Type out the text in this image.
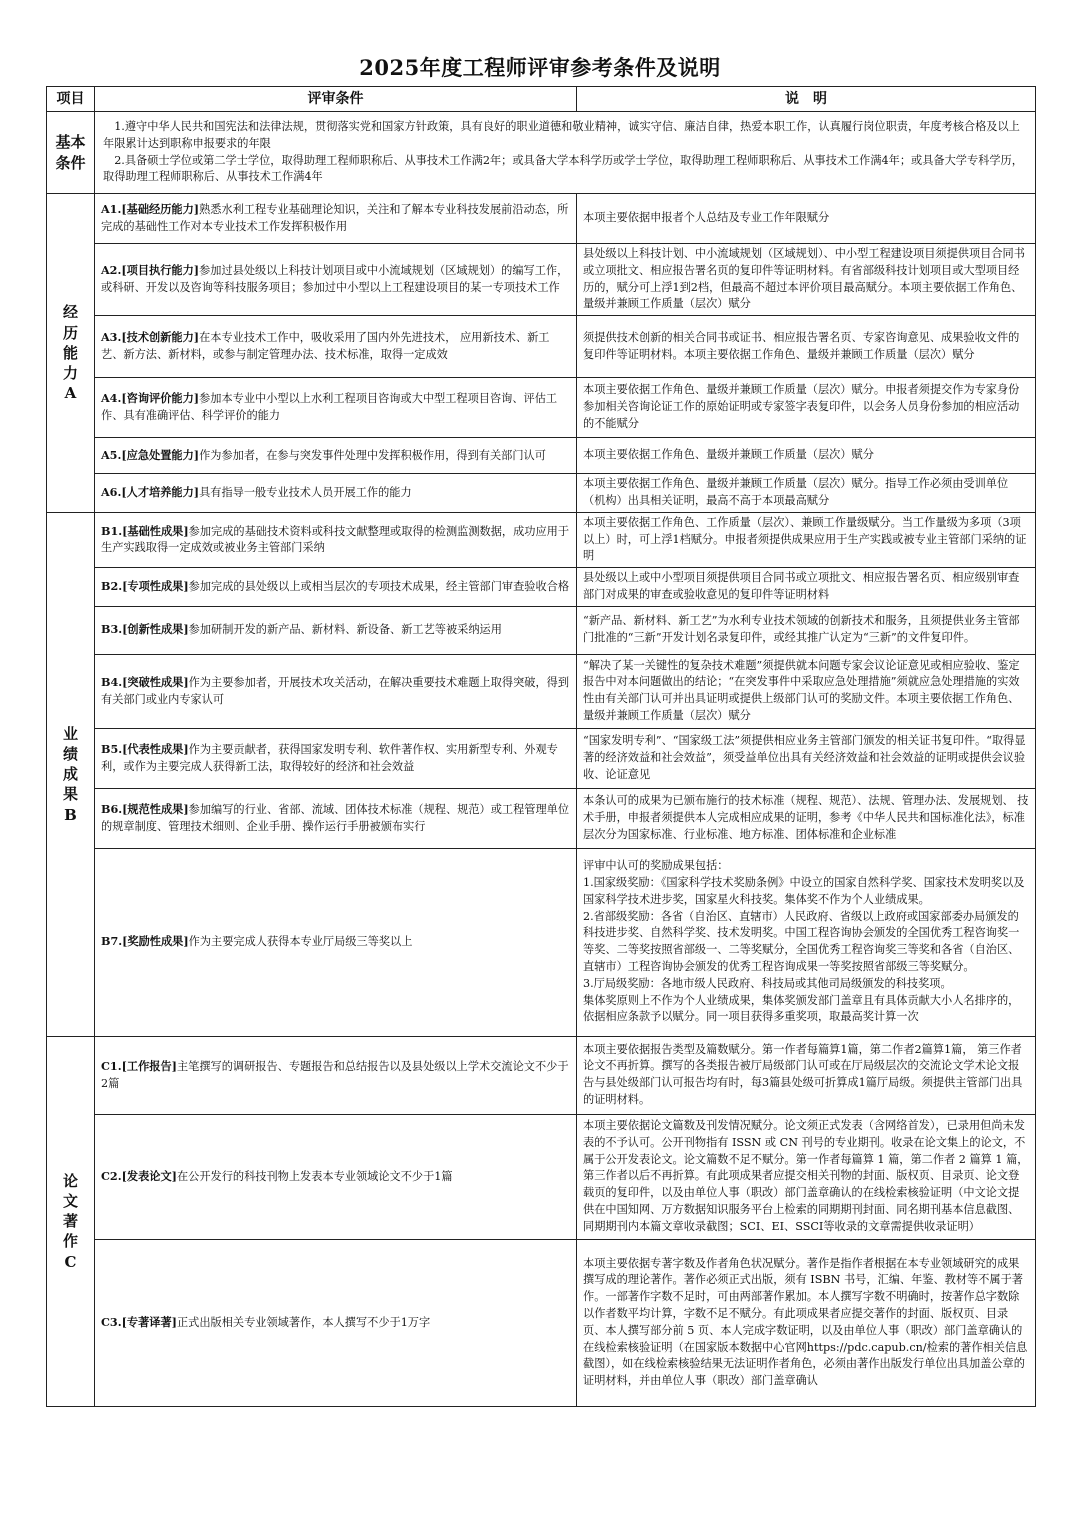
2025年度工程师评审参考条件及说明
项目	评审条件	说　明

基本条件	1.遵守中华人民共和国宪法和法律法规，贯彻落实党和国家方针政策，具有良好的职业道德和敬业精神，诚实守信、廉洁自律，热爱本职工作，认真履行岗位职责，年度考核合格及以上年限累计达到职称申报要求的年限

2.具备硕士学位或第二学士学位，取得助理工程师职称后、从事技术工作满2年；或具备大学本科学历或学士学位，取得助理工程师职称后、从事技术工作满4年；或具备大学专科学历，取得助理工程师职称后、从事技术工作满4年	

经
历
能
力
A	A1.[基础经历能力]熟悉水利工程专业基础理论知识，关注和了解本专业科技发展前沿动态，所完成的基础性工作对本专业技术工作发挥积极作用	本项主要依据申报者个人总结及专业工作年限赋分
	A2.[项目执行能力]参加过县处级以上科技计划项目或中小流域规划（区域规划）的编写工作，或科研、开发以及咨询等科技服务项目；参加过中小型以上工程建设项目的某一专项技术工作	县处级以上科技计划、中小流域规划（区域规划）、中小型工程建设项目须提供项目合同书或立项批文、相应报告署名页的复印件等证明材料。有省部级科技计划项目或大型项目经历的，赋分可上浮1到2档，但最高不超过本评价项目最高赋分。本项主要依据工作角色、量级并兼顾工作质量（层次）赋分
	A3.[技术创新能力]在本专业技术工作中，吸收采用了国内外先进技术， 应用新技术、新工艺、新方法、新材料，或参与制定管理办法、技术标准，取得一定成效	须提供技术创新的相关合同书或证书、相应报告署名页、专家咨询意见、成果验收文件的复印件等证明材料。本项主要依据工作角色、量级并兼顾工作质量（层次）赋分
	A4.[咨询评价能力]参加本专业中小型以上水利工程项目咨询或大中型工程项目咨询、评估工作、具有准确评估、科学评价的能力	本项主要依据工作角色、量级并兼顾工作质量（层次）赋分。申报者须提交作为专家身份参加相关咨询论证工作的原始证明或专家签字表复印件，以会务人员身份参加的相应活动的不能赋分
	A5.[应急处置能力]作为参加者，在参与突发事件处理中发挥积极作用，得到有关部门认可	本项主要依据工作角色、量级并兼顾工作质量（层次）赋分
	A6.[人才培养能力]具有指导一般专业技术人员开展工作的能力	本项主要依据工作角色、量级并兼顾工作质量（层次）赋分。指导工作必须由受训单位（机构）出具相关证明，最高不高于本项最高赋分

业
绩
成
果
B	B1.[基础性成果]参加完成的基础技术资料或科技文献整理或取得的检测监测数据，成功应用于生产实践取得一定成效或被业务主管部门采纳	本项主要依据工作角色、工作质量（层次）、兼顾工作量级赋分。当工作量级为多项（3项以上）时，可上浮1档赋分。申报者须提供成果应用于生产实践或被专业主管部门采纳的证明
	B2.[专项性成果]参加完成的县处级以上或相当层次的专项技术成果，经主管部门审查验收合格	县处级以上或中小型项目须提供项目合同书或立项批文、相应报告署名页、相应级别审查部门对成果的审查或验收意见的复印件等证明材料
	B3.[创新性成果]参加研制开发的新产品、新材料、新设备、新工艺等被采纳运用	“新产品、新材料、新工艺”为水利专业技术领域的创新技术和服务，且须提供业务主管部门批准的“三新”开发计划名录复印件，或经其推广认定为“三新”的文件复印件。
	B4.[突破性成果]作为主要参加者，开展技术攻关活动，在解决重要技术难题上取得突破，得到有关部门或业内专家认可	“解决了某一关键性的复杂技术难题”须提供就本问题专家会议论证意见或相应验收、鉴定报告中对本问题做出的结论；“在突发事件中采取应急处理措施”须就应急处理措施的实效性由有关部门认可并出具证明或提供上级部门认可的奖励文件。本项主要依据工作角色、量级并兼顾工作质量（层次）赋分
	B5.[代表性成果]作为主要贡献者，获得国家发明专利、软件著作权、实用新型专利、外观专利，或作为主要完成人获得新工法，取得较好的经济和社会效益	“国家发明专利”、“国家级工法”须提供相应业务主管部门颁发的相关证书复印件。“取得显著的经济效益和社会效益”，须受益单位出具有关经济效益和社会效益的证明或提供会议验收、论证意见
	B6.[规范性成果]参加编写的行业、省部、流域、团体技术标准（规程、规范）或工程管理单位的规章制度、管理技术细则、企业手册、操作运行手册被颁布实行	本条认可的成果为已颁布施行的技术标准（规程、规范）、法规、管理办法、发展规划、 技术手册，申报者须提供本人完成相应成果的证明，参考《中华人民共和国标准化法》，标准层次分为国家标准、行业标准、地方标准、团体标准和企业标准
	B7.[奖励性成果]作为主要完成人获得本专业厅局级三等奖以上	评审中认可的奖励成果包括：

1.国家级奖励：《国家科学技术奖励条例》中设立的国家自然科学奖、国家技术发明奖以及国家科学技术进步奖，国家星火科技奖。集体奖不作为个人业绩成果。

2.省部级奖励：各省（自治区、直辖市）人民政府、省级以上政府或国家部委办局颁发的科技进步奖、自然科学奖、技术发明奖。中国工程咨询协会颁发的全国优秀工程咨询奖一等奖、二等奖按照省部级一、二等奖赋分，全国优秀工程咨询奖三等奖和各省（自治区、直辖市）工程咨询协会颁发的优秀工程咨询成果一等奖按照省部级三等奖赋分。

3.厅局级奖励：各地市级人民政府、科技局或其他司局级颁发的科技奖项。

集体奖原则上不作为个人业绩成果，集体奖颁发部门盖章且有具体贡献大小人名排序的，依据相应条款予以赋分。同一项目获得多重奖项，取最高奖计算一次

论
文
著
作
C	C1.[工作报告]主笔撰写的调研报告、专题报告和总结报告以及县处级以上学术交流论文不少于2篇	本项主要依据报告类型及篇数赋分。第一作者每篇算1篇，第二作者2篇算1篇， 第三作者论文不再折算。撰写的各类报告被厅局级部门认可或在厅局级层次的交流论文学术论文报告与县处级部门认可报告均有时，每3篇县处级可折算成1篇厅局级。须提供主管部门出具的证明材料。
	C2.[发表论文]在公开发行的科技刊物上发表本专业领域论文不少于1篇	本项主要依据论文篇数及刊发情况赋分。论文须正式发表（含网络首发），已录用但尚未发表的不予认可。公开刊物指有 ISSN 或 CN 刊号的专业期刊。收录在论文集上的论文，不属于公开发表论文。论文篇数不足不赋分。第一作者每篇算 1 篇，第二作者 2 篇算 1 篇，第三作者以后不再折算。有此项成果者应提交相关刊物的封面、版权页、目录页、论文登载页的复印件，以及由单位人事（职改）部门盖章确认的在线检索核验证明（中文论文提供在中国知网、万方数据知识服务平台上检索的同期期刊封面、同名期刊基本信息截图、同期期刊内本篇文章收录截图；SCI、EI、SSCI等收录的文章需提供收录证明）
	C3.[专著译著]正式出版相关专业领域著作，本人撰写不少于1万字	本项主要依据专著字数及作者角色状况赋分。著作是指作者根据在本专业领域研究的成果撰写成的理论著作。著作必须正式出版，须有 ISBN 书号，汇编、年鉴、教材等不属于著作。一部著作字数不足时，可由两部著作累加。本人撰写字数不明确时，按著作总字数除以作者数平均计算，字数不足不赋分。有此项成果者应提交著作的封面、版权页、目录页、本人撰写部分前 5 页、本人完成字数证明，以及由单位人事（职改）部门盖章确认的在线检索核验证明（在国家版本数据中心官网https://pdc.capub.cn/检索的著作相关信息截图），如在线检索核验结果无法证明作者角色，必须由著作出版发行单位出具加盖公章的证明材料，并由单位人事（职改）部门盖章确认
